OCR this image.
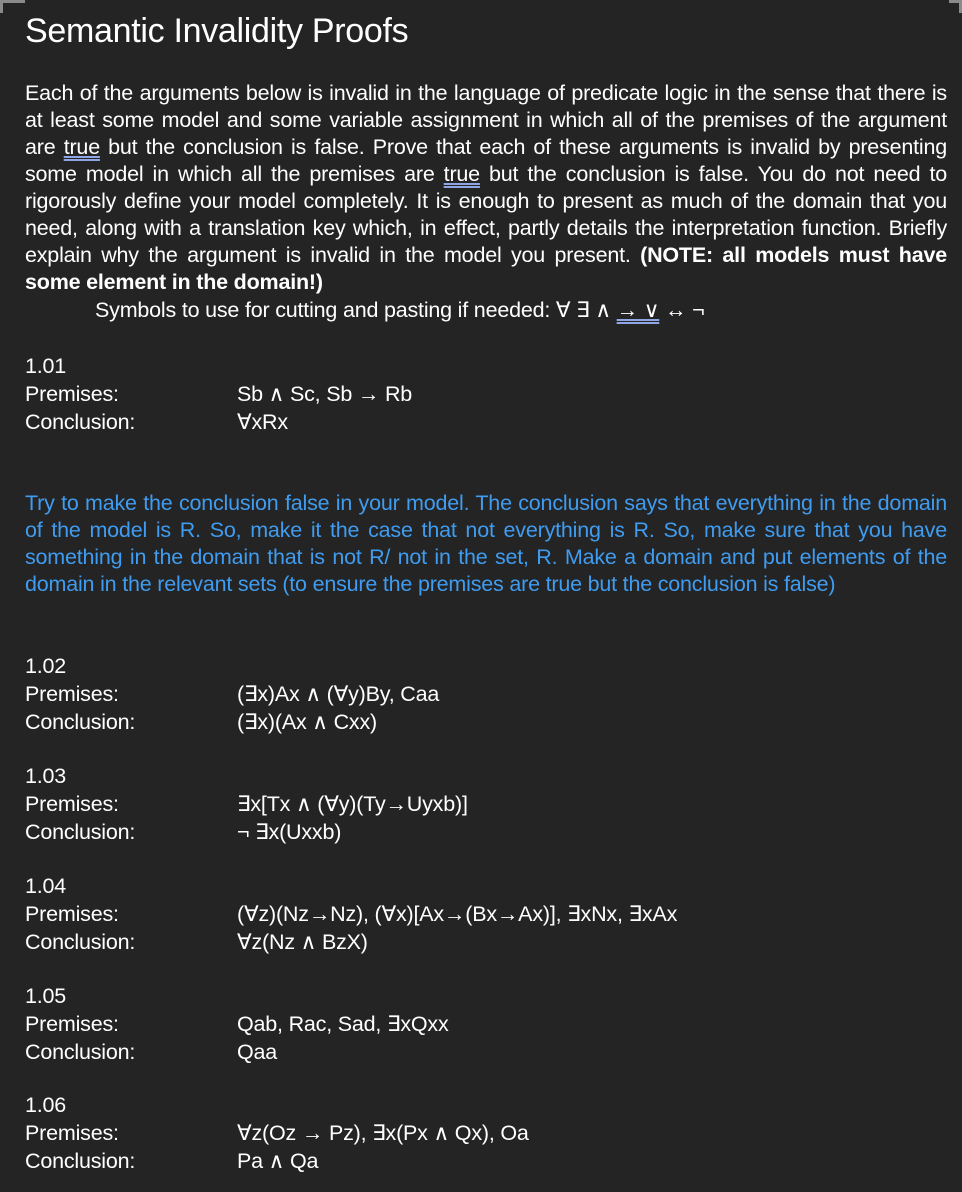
Semantic Invalidity Proofs
Each of the arguments below is invalid in the language of predicate logic in the sense that there is at least some model and some variable assignment in which all of the premises of the argument are true but the conclusion is false. Prove that each of these arguments is invalid by presenting some model in which all the premises are true but the conclusion is false. You do not need to rigorously define your model completely. It is enough to present as much of the domain that you need, along with a translation key which, in effect, partly details the interpretation function. Briefly explain why the argument is invalid in the model you present. (NOTE: all models must have some element in the domain!)
Symbols to use for cutting and pasting if needed: ∀ ∃ ∧ → ∨ ↔ ¬
1.01
Premises:	Sb ∧ Sc, Sb → Rb
Conclusion:	∀xRx
Try to make the conclusion false in your model. The conclusion says that everything in the domain of the model is R. So, make it the case that not everything is R. So, make sure that you have something in the domain that is not R/ not in the set, R. Make a domain and put elements of the domain in the relevant sets (to ensure the premises are true but the conclusion is false)
1.02
Premises:	(∃x)Ax ∧ (∀y)By, Caa
Conclusion:	(∃x)(Ax ∧ Cxx)
1.03
Premises:	∃x[Tx ∧ (∀y)(Ty→Uyxb)]
Conclusion:	¬ ∃x(Uxxb)
1.04
Premises:	(∀z)(Nz→Nz), (∀x)[Ax→(Bx→Ax)], ∃xNx, ∃xAx
Conclusion:	∀z(Nz ∧ BzX)
1.05
Premises:	Qab, Rac, Sad, ∃xQxx
Conclusion:	Qaa
1.06
Premises:	∀z(Oz → Pz), ∃x(Px ∧ Qx), Oa
Conclusion:	Pa ∧ Qa
